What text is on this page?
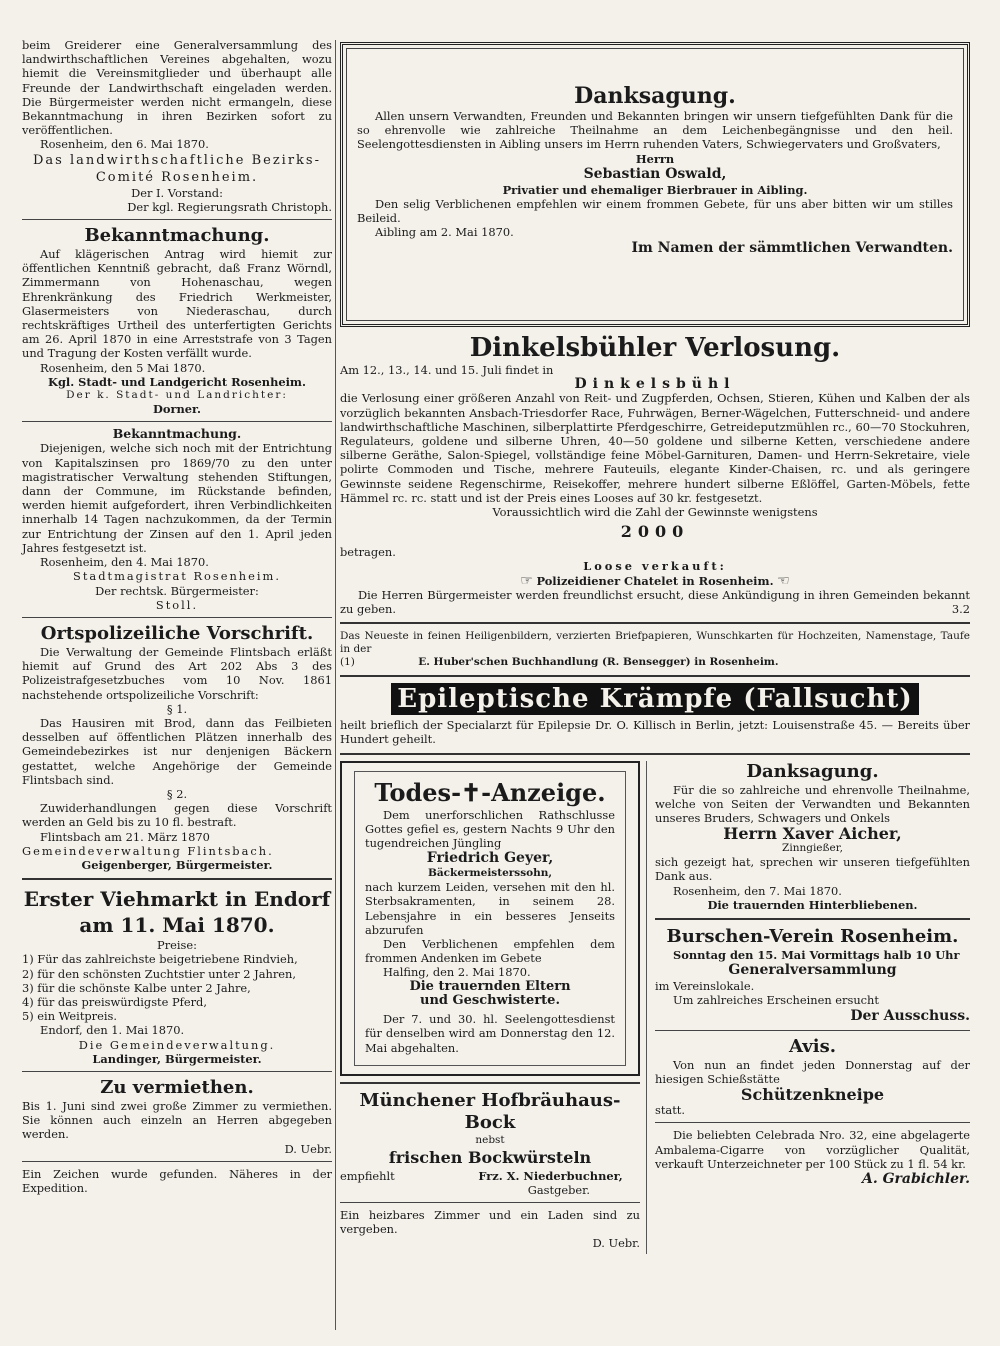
beim Greiderer eine Generalversammlung des landwirthschaftlichen Vereines abgehalten, wozu hiemit die Vereinsmitglieder und überhaupt alle Freunde der Landwirthschaft eingeladen werden. Die Bürgermeister werden nicht ermangeln, diese Bekanntmachung in ihren Bezirken sofort zu veröffentlichen.

Rosenheim, den 6. Mai 1870.

Das landwirthschaftliche Bezirks-Comité Rosenheim.

Der I. Vorstand:

Der kgl. Regierungsrath Christoph.

Bekanntmachung.

Auf klägerischen Antrag wird hiemit zur öffentlichen Kenntniß gebracht, daß Franz Wörndl, Zimmermann von Hohenaschau, wegen Ehrenkränkung des Friedrich Werkmeister, Glasermeisters von Niederaschau, durch rechtskräftiges Urtheil des unterfertigten Gerichts am 26. April 1870 in eine Arreststrafe von 3 Tagen und Tragung der Kosten verfällt wurde.

Rosenheim, den 5 Mai 1870.

Kgl. Stadt- und Landgericht Rosenheim.

Der k. Stadt- und Landrichter:

Dorner.

Bekanntmachung.

Diejenigen, welche sich noch mit der Entrichtung von Kapitalszinsen pro 1869/70 zu den unter magistratischer Verwaltung stehenden Stiftungen, dann der Commune, im Rückstande befinden, werden hiemit aufgefordert, ihren Verbindlichkeiten innerhalb 14 Tagen nachzukommen, da der Termin zur Entrichtung der Zinsen auf den 1. April jeden Jahres festgesetzt ist.

Rosenheim, den 4. Mai 1870.

Stadtmagistrat Rosenheim.

Der rechtsk. Bürgermeister:

Stoll.

Ortspolizeiliche Vorschrift.

Die Verwaltung der Gemeinde Flintsbach erläßt hiemit auf Grund des Art 202 Abs 3 des Polizeistrafgesetzbuches vom 10 Nov. 1861 nachstehende ortspolizeiliche Vorschrift:

§ 1.

Das Hausiren mit Brod, dann das Feilbieten desselben auf öffentlichen Plätzen innerhalb des Gemeindebezirkes ist nur denjenigen Bäckern gestattet, welche Angehörige der Gemeinde Flintsbach sind.

§ 2.

Zuwiderhandlungen gegen diese Vorschrift werden an Geld bis zu 10 fl. bestraft.

Flintsbach am 21. März 1870

Gemeindeverwaltung Flintsbach.

Geigenberger, Bürgermeister.

Erster Viehmarkt in Endorf

am 11. Mai 1870.

Preise:

1) Für das zahlreichste beigetriebene Rindvieh,

2) für den schönsten Zuchtstier unter 2 Jahren,

3) für die schönste Kalbe unter 2 Jahre,

4) für das preiswürdigste Pferd,

5) ein Weitpreis.

Endorf, den 1. Mai 1870.

Die Gemeindeverwaltung.

Landinger, Bürgermeister.

Zu vermiethen.

Bis 1. Juni sind zwei große Zimmer zu vermiethen. Sie können auch einzeln an Herren abgegeben werden.

D. Uebr.

Ein Zeichen wurde gefunden. Näheres in der Expedition.

Danksagung.

Allen unsern Verwandten, Freunden und Bekannten bringen wir unsern tiefgefühlten Dank für die so ehrenvolle wie zahlreiche Theilnahme an dem Leichenbegängnisse und den heil. Seelengottesdiensten in Aibling unsers im Herrn ruhenden Vaters, Schwiegervaters und Großvaters,

Herrn

Sebastian Oswald,

Privatier und ehemaliger Bierbrauer in Aibling.

Den selig Verblichenen empfehlen wir einem frommen Gebete, für uns aber bitten wir um stilles Beileid.

Aibling am 2. Mai 1870.

Im Namen der sämmtlichen Verwandten.

Dinkelsbühler Verlosung.

Am 12., 13., 14. und 15. Juli findet in

Dinkelsbühl

die Verlosung einer größeren Anzahl von Reit- und Zugpferden, Ochsen, Stieren, Kühen und Kalben der als vorzüglich bekannten Ansbach-Triesdorfer Race, Fuhrwägen, Berner-Wägelchen, Futterschneid- und andere landwirthschaftliche Maschinen, silberplattirte Pferdgeschirre, Getreideputzmühlen rc., 60—70 Stockuhren, Regulateurs, goldene und silberne Uhren, 40—50 goldene und silberne Ketten, verschiedene andere silberne Geräthe, Salon-Spiegel, vollständige feine Möbel-Garnituren, Damen- und Herrn-Sekretaire, viele polirte Commoden und Tische, mehrere Fauteuils, elegante Kinder-Chaisen, rc. und als geringere Gewinnste seidene Regenschirme, Reisekoffer, mehrere hundert silberne Eßlöffel, Garten-Möbels, fette Hämmel rc. rc. statt und ist der Preis eines Looses auf 30 kr. festgesetzt.

Voraussichtlich wird die Zahl der Gewinnste wenigstens

2000

betragen.

Loose verkauft:

☞ Polizeidiener Chatelet in Rosenheim. ☜

Die Herren Bürgermeister werden freundlichst ersucht, diese Ankündigung in ihren Gemeinden bekannt zu geben.	3.2

Das Neueste in feinen Heiligenbildern, verzierten Briefpapieren, Wunschkarten für Hochzeiten, Namenstage, Taufe in der

(1)	E. Huber'schen Buchhandlung (R. Bensegger) in Rosenheim.

Epileptische Krämpfe (Fallsucht)

heilt brieflich der Specialarzt für Epilepsie Dr. O. Killisch in Berlin, jetzt: Louisenstraße 45. — Bereits über Hundert geheilt.

Todes-✝-Anzeige.

Dem unerforschlichen Rathschlusse Gottes gefiel es, gestern Nachts 9 Uhr den tugendreichen Jüngling

Friedrich Geyer,

Bäckermeisterssohn,

nach kurzem Leiden, versehen mit den hl. Sterbsakramenten, in seinem 28. Lebensjahre in ein besseres Jenseits abzurufen

Den Verblichenen empfehlen dem frommen Andenken im Gebete

Halfing, den 2. Mai 1870.

Die trauernden Eltern

und Geschwisterte.

Der 7. und 30. hl. Seelengottesdienst für denselben wird am Donnerstag den 12. Mai abgehalten.

Münchener Hofbräuhaus-Bock

nebst

frischen Bockwürsteln

empfiehlt	Frz. X. Niederbuchner,

Gastgeber.

Ein heizbares Zimmer und ein Laden sind zu vergeben.

D. Uebr.

Danksagung.

Für die so zahlreiche und ehrenvolle Theilnahme, welche von Seiten der Verwandten und Bekannten unseres Bruders, Schwagers und Onkels

Herrn Xaver Aicher,

Zinngießer,

sich gezeigt hat, sprechen wir unseren tiefgefühlten Dank aus.

Rosenheim, den 7. Mai 1870.

Die trauernden Hinterbliebenen.

Burschen-Verein Rosenheim.

Sonntag den 15. Mai Vormittags halb 10 Uhr

Generalversammlung

im Vereinslokale.

Um zahlreiches Erscheinen ersucht

Der Ausschuss.

Avis.

Von nun an findet jeden Donnerstag auf der hiesigen Schießstätte

Schützenkneipe

statt.

Die beliebten Celebrada Nro. 32, eine abgelagerte Ambalema-Cigarre von vorzüglicher Qualität, verkauft Unterzeichneter per 100 Stück zu 1 fl. 54 kr.

A. Grabichler.
